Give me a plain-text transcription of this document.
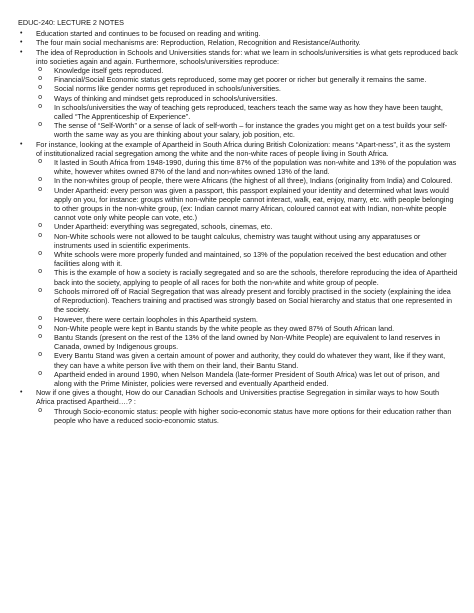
EDUC-240: LECTURE 2 NOTES
• Education started and continues to be focused on reading and writing.
• The four main social mechanisms are: Reproduction, Relation, Recognition and Resistance/Authority.
• The idea of Reproduction in Schools and Universities stands for: what we learn in schools/universities is what gets reproduced back into societies again and again. Furthermore, schools/universities reproduce:
o Knowledge itself gets reproduced.
o Financial/Social Economic status gets reproduced, some may get poorer or richer but generally it remains the same.
o Social norms like gender norms get reproduced in schools/universities.
o Ways of thinking and mindset gets reproduced in schools/universities.
o In schools/universities the way of teaching gets reproduced, teachers teach the same way as how they have been taught, called “The Apprenticeship of Experience”.
o The sense of “Self-Worth” or a sense of lack of self-worth – for instance the grades you might get on a test builds your self-worth the same way as you are thinking about your salary, job position, etc.
• For instance, looking at the example of Apartheid in South Africa during British Colonization: means “Apart-ness”, it as the system of institutionalized racial segregation among the white and the non-white races of people living in South Africa.
o It lasted in South Africa from 1948-1990, during this time 87% of the population was non-white and 13% of the population was white, however whites owned 87% of the land and non-whites owned 13% of the land.
o In the non-whites group of people, there were Africans (the highest of all three), Indians (originality from India) and Coloured.
o Under Apartheid: every person was given a passport, this passport explained your identity and determined what laws would apply on you, for instance: groups within non-white people cannot interact, walk, eat, enjoy, marry, etc. with people belonging to other groups in the non-white group, (ex: Indian cannot marry African, coloured cannot eat with Indian, non-white people cannot vote only white people can vote, etc.)
o Under Apartheid: everything was segregated, schools, cinemas, etc.
o Non-White schools were not allowed to be taught calculus, chemistry was taught without using any apparatuses or instruments used in scientific experiments.
o White schools were more properly funded and maintained, so 13% of the population received the best education and other facilities along with it.
o This is the example of how a society is racially segregated and so are the schools, therefore reproducing the idea of Apartheid back into the society, applying to people of all races for both the non-white and white group of people.
o Schools mirrored off of Racial Segregation that was already present and forcibly practised in the society (explaining the idea of Reproduction). Teachers training and practised was strongly based on Social hierarchy and status that one represented in the society.
o However, there were certain loopholes in this Apartheid system.
o Non-White people were kept in Bantu stands by the white people as they owed 87% of South African land.
o Bantu Stands (present on the rest of the 13% of the land owned by Non-White People) are equivalent to land reserves in Canada, owned by Indigenous groups.
o Every Bantu Stand was given a certain amount of power and authority, they could do whatever they want, like if they want, they can have a white person live with them on their land, their Bantu Stand.
o Apartheid ended in around 1990, when Nelson Mandela (late-former President of South Africa) was let out of prison, and along with the Prime Minister, policies were reversed and eventually Apartheid ended.
• Now if one gives a thought, How do our Canadian Schools and Universities practise Segregation in similar ways to how South Africa practised Apartheid….? :
o Through Socio-economic status: people with higher socio-economic status have more options for their education rather than people who have a reduced socio-economic status.
